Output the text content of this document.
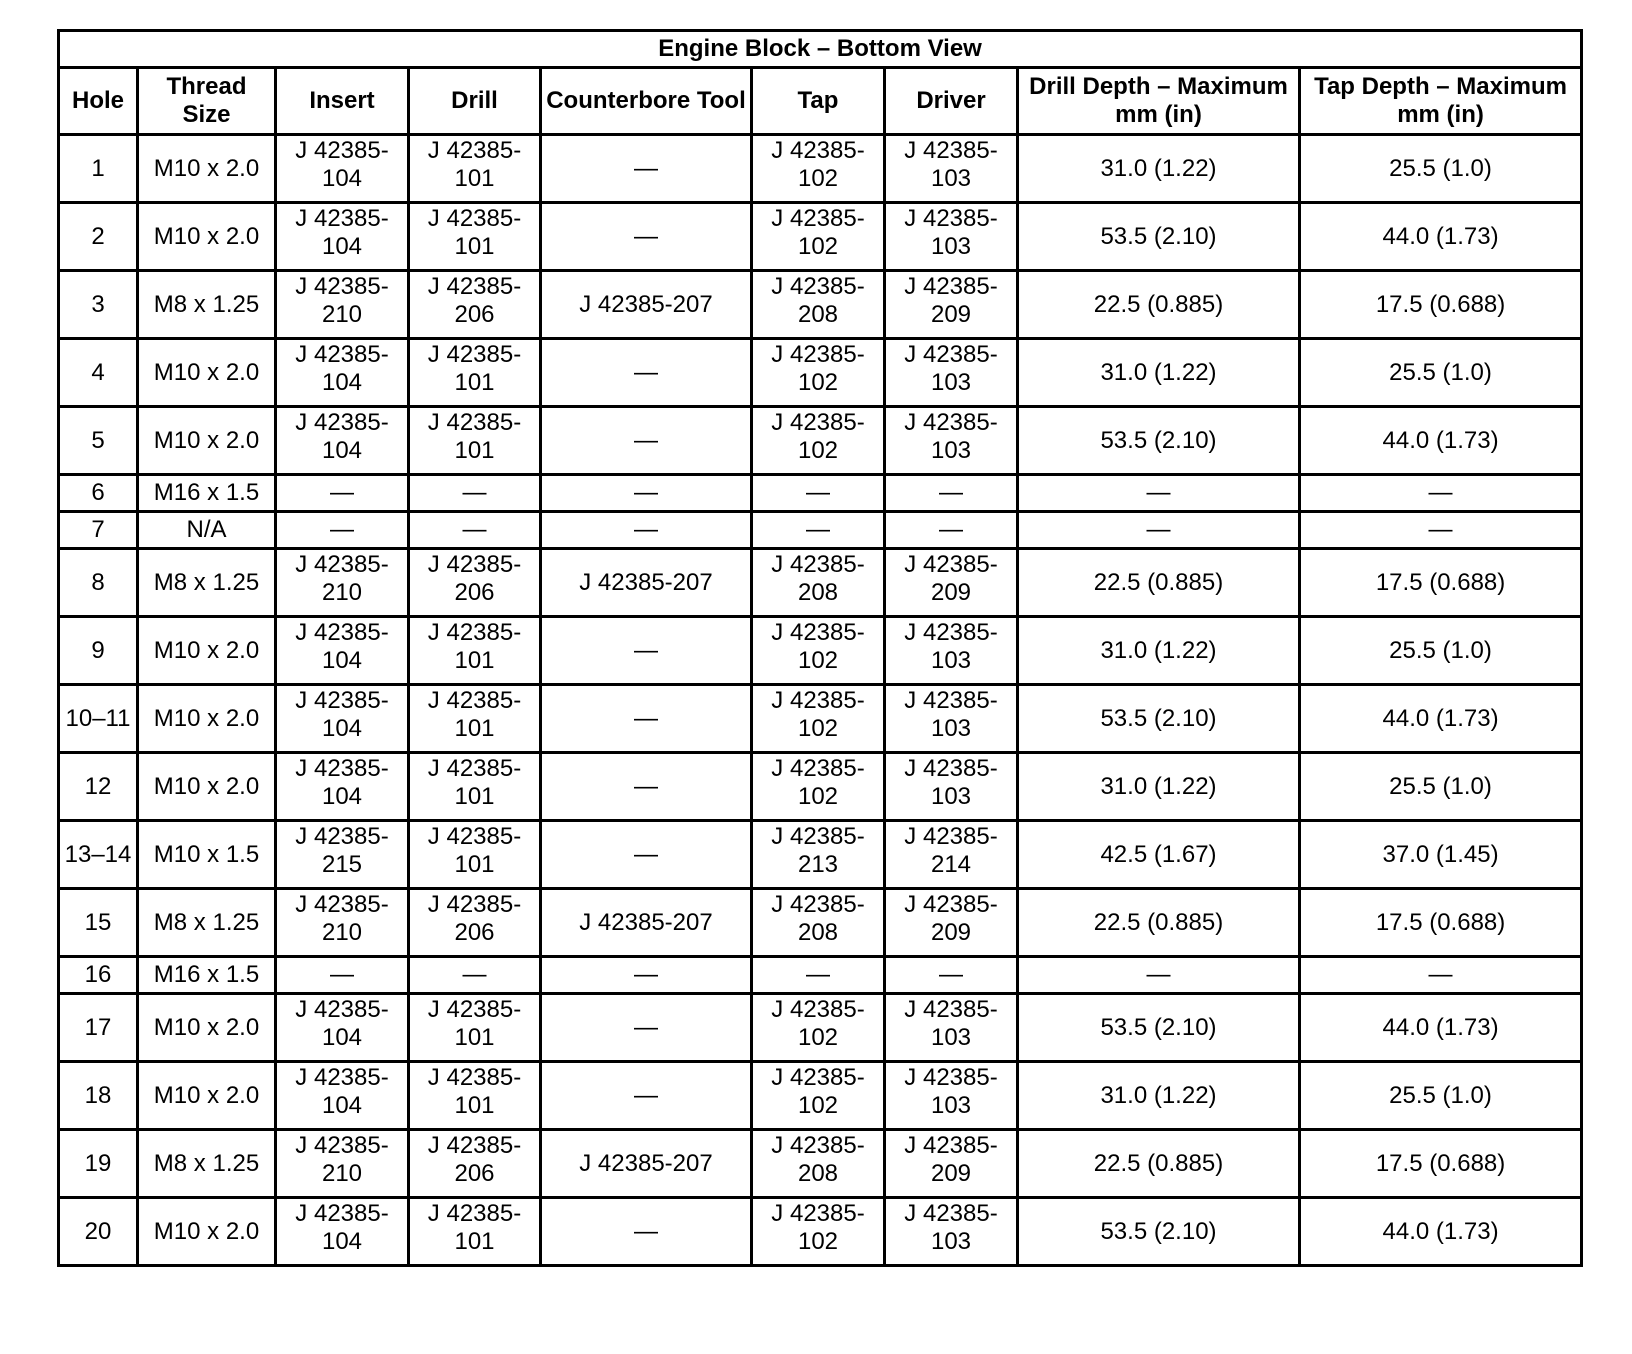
Engine Block – Bottom View								
Hole	Thread Size	Insert	Drill	Counterbore Tool	Tap	Driver	Drill Depth – Maximum mm (in)	Tap Depth – Maximum mm (in)
1	M10 x 2.0	J 42385-104	J 42385-101	—	J 42385-102	J 42385-103	31.0 (1.22)	25.5 (1.0)
2	M10 x 2.0	J 42385-104	J 42385-101	—	J 42385-102	J 42385-103	53.5 (2.10)	44.0 (1.73)
3	M8 x 1.25	J 42385-210	J 42385-206	J 42385-207	J 42385-208	J 42385-209	22.5 (0.885)	17.5 (0.688)
4	M10 x 2.0	J 42385-104	J 42385-101	—	J 42385-102	J 42385-103	31.0 (1.22)	25.5 (1.0)
5	M10 x 2.0	J 42385-104	J 42385-101	—	J 42385-102	J 42385-103	53.5 (2.10)	44.0 (1.73)
6	M16 x 1.5	—	—	—	—	—	—	—
7	N/A	—	—	—	—	—	—	—
8	M8 x 1.25	J 42385-210	J 42385-206	J 42385-207	J 42385-208	J 42385-209	22.5 (0.885)	17.5 (0.688)
9	M10 x 2.0	J 42385-104	J 42385-101	—	J 42385-102	J 42385-103	31.0 (1.22)	25.5 (1.0)
10–11	M10 x 2.0	J 42385-104	J 42385-101	—	J 42385-102	J 42385-103	53.5 (2.10)	44.0 (1.73)
12	M10 x 2.0	J 42385-104	J 42385-101	—	J 42385-102	J 42385-103	31.0 (1.22)	25.5 (1.0)
13–14	M10 x 1.5	J 42385-215	J 42385-101	—	J 42385-213	J 42385-214	42.5 (1.67)	37.0 (1.45)
15	M8 x 1.25	J 42385-210	J 42385-206	J 42385-207	J 42385-208	J 42385-209	22.5 (0.885)	17.5 (0.688)
16	M16 x 1.5	—	—	—	—	—	—	—
17	M10 x 2.0	J 42385-104	J 42385-101	—	J 42385-102	J 42385-103	53.5 (2.10)	44.0 (1.73)
18	M10 x 2.0	J 42385-104	J 42385-101	—	J 42385-102	J 42385-103	31.0 (1.22)	25.5 (1.0)
19	M8 x 1.25	J 42385-210	J 42385-206	J 42385-207	J 42385-208	J 42385-209	22.5 (0.885)	17.5 (0.688)
20	M10 x 2.0	J 42385-104	J 42385-101	—	J 42385-102	J 42385-103	53.5 (2.10)	44.0 (1.73)
